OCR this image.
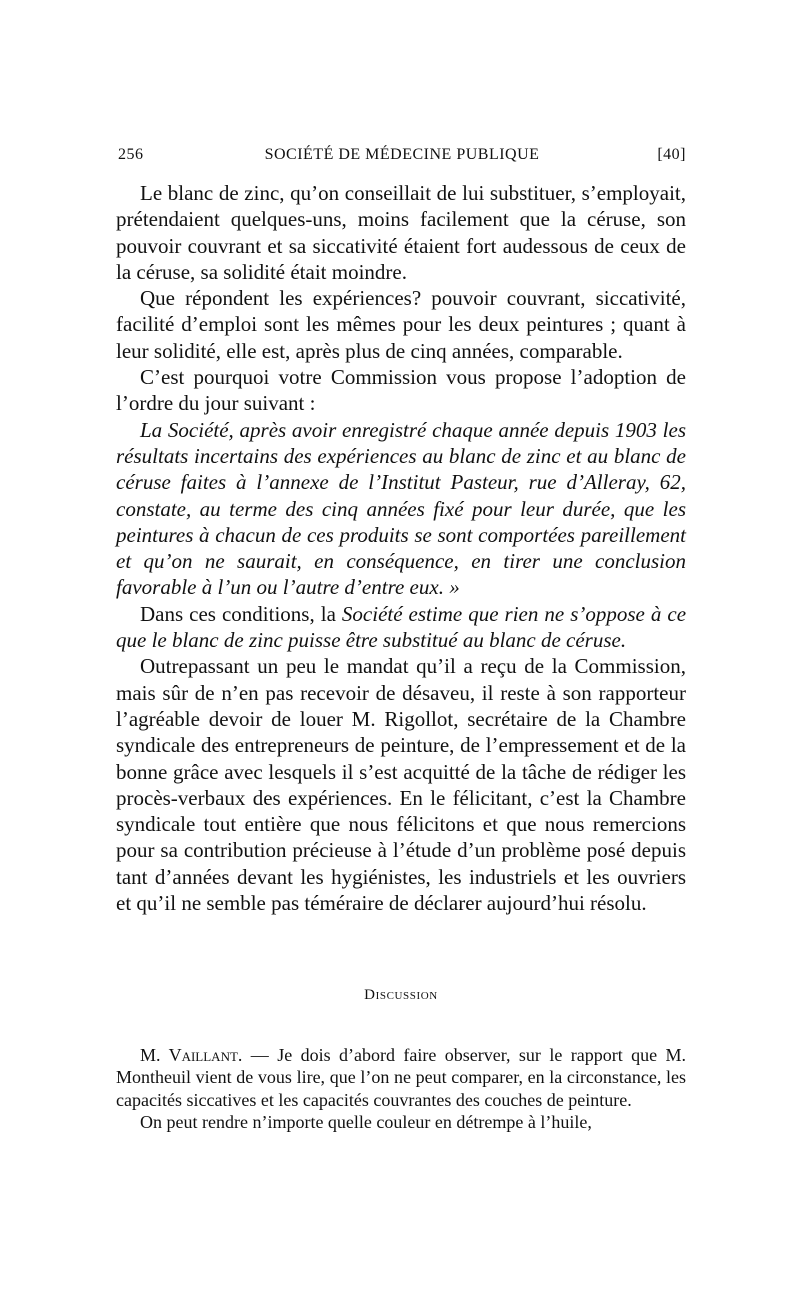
256	SOCIÉTÉ DE MÉDECINE PUBLIQUE	[40]

Le blanc de zinc, qu’on conseillait de lui substituer, s’employait, prétendaient quelques-uns, moins facilement que la céruse, son pouvoir couvrant et sa siccativité étaient fort audessous de ceux de la céruse, sa solidité était moindre.

Que répondent les expériences? pouvoir couvrant, siccativité, facilité d’emploi sont les mêmes pour les deux peintures ; quant à leur solidité, elle est, après plus de cinq années, comparable.

C’est pourquoi votre Commission vous propose l’adoption de l’ordre du jour suivant :

La Société, après avoir enregistré chaque année depuis 1903 les résultats incertains des expériences au blanc de zinc et au blanc de céruse faites à l’annexe de l’Institut Pasteur, rue d’Alleray, 62, constate, au terme des cinq années fixé pour leur durée, que les peintures à chacun de ces produits se sont comportées pareillement et qu’on ne saurait, en conséquence, en tirer une conclusion favorable à l’un ou l’autre d’entre eux. »

Dans ces conditions, la Société estime que rien ne s’oppose à ce que le blanc de zinc puisse être substitué au blanc de céruse.

Outrepassant un peu le mandat qu’il a reçu de la Commission, mais sûr de n’en pas recevoir de désaveu, il reste à son rapporteur l’agréable devoir de louer M. Rigollot, secrétaire de la Chambre syndicale des entrepreneurs de peinture, de l’empressement et de la bonne grâce avec lesquels il s’est acquitté de la tâche de rédiger les procès-verbaux des expériences. En le félicitant, c’est la Chambre syndicale tout entière que nous félicitons et que nous remercions pour sa contribution précieuse à l’étude d’un problème posé depuis tant d’années devant les hygiénistes, les industriels et les ouvriers et qu’il ne semble pas téméraire de déclarer aujourd’hui résolu.

Discussion

M. Vaillant. — Je dois d’abord faire observer, sur le rapport que M. Montheuil vient de vous lire, que l’on ne peut comparer, en la circonstance, les capacités siccatives et les capacités couvrantes des couches de peinture.

On peut rendre n’importe quelle couleur en détrempe à l’huile,
